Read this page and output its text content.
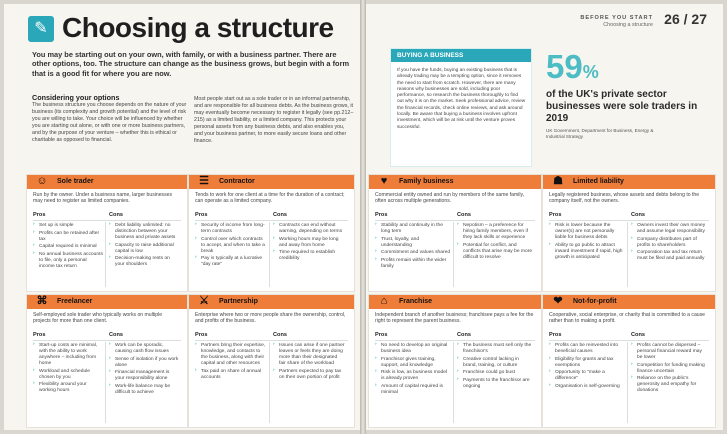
✎ Choosing a structure
You may be starting out on your own, with family, or with a business partner. There are other options, too. The structure can change as the business grows, but begin with a form that is a good fit for where you are now.
Considering your options
The business structure you choose depends on the nature of your business (its complexity and growth potential) and the level of risk you are willing to take. Your choice will be influenced by whether you are starting out alone, or with one or more business partners, and by the purpose of your venture – whether this is ethical or charitable as opposed to financial.
Most people start out as a sole trader or in an informal partnership, and are responsible for all business debts. As the business grows, it may eventually become necessary to register it legally (see pp.212–215) as a limited liability, or a limited company. This protects your personal assets from any business debts, and also enables you, and your business partner, to more easily secure loans and other finance.
BEFORE YOU START
Choosing a structure 26 / 27
BUYING A BUSINESS
If you have the funds, buying an existing business that is already trading may be a tempting option, since it removes the need to start from scratch. However, there are many reasons why businesses are sold, including poor performance, so research the business thoroughly to find out why it is on the market. Seek professional advice, review the financial records, check online reviews, and ask around locally. Be aware that buying a business involves upfront investment, which will be at risk until the venture proves successful.
59%
of the UK's private sector businesses were sole traders in 2019
UK Government, Department for Business, Energy & Industrial Strategy
☺	Sole trader
Run by the owner. Under a business name, larger businesses may need to register as limited companies.
Pros	Cons
› Set up is simple
› Profits can be retained after tax
› Capital required is minimal
› No annual business accounts to file, only a personal income tax return
› Debt liability unlimited: no distinction between your business and private assets
› Capacity to raise additional capital is low
› Decision-making rests on your shoulders
☰	Contractor
Tends to work for one client at a time for the duration of a contract; can operate as a limited company.
Pros	Cons
› Security of income from long-term contracts
› Control over which contracts to accept, and when to take a break
› Pay is typically at a lucrative "day rate"
› Contracts can end without warning, depending on terms
› Working hours may be long and away from home
› Time required to establish credibility
♥	Family business
Commercial entity owned and run by members of the same family, often across multiple generations.
Pros	Cons
› Stability and continuity in the long term
› Trust, loyalty, and understanding
› Commitment and values shared
› Profits remain within the wider family
› Nepotism – a preference for hiring family members, even if they lack skills or experience
› Potential for conflict, and conflicts that arise may be more difficult to resolve
☗	Limited liability
Legally registered business, whose assets and debts belong to the company itself, not the owners.
Pros	Cons
› Risk is lower because the owner(s) are not personally liable for business debts
› Ability to go public to attract inward investment if rapid, high growth is anticipated
› Owners invest their own money and assume legal responsibility
› Company distributes part of profits to shareholders
› Corporation tax and tax return must be filed and paid annually
⌘	Freelancer
Self-employed sole trader who typically works on multiple projects for more than one client.
Pros	Cons
› Start-up costs are minimal, with the ability to work anywhere – including from home
› Workload and schedule chosen by you
› Flexibility around your working hours
› Work can be sporadic, causing cash flow issues
› Sense of isolation if you work alone
› Financial management is your responsibility alone
› Work-life balance may be difficult to achieve
⚔	Partnership
Enterprise where two or more people share the ownership, control, and profits of the business.
Pros	Cons
› Partners bring their expertise, knowledge, and contacts to the business, along with their capital and other resources
› Tax paid on share of annual accounts
› Issues can arise if one partner leaves or feels they are doing more than their designated fair share of the workload
› Partners expected to pay tax on their own portion of profit
⌂	Franchise
Independent branch of another business; franchisee pays a fee for the right to represent the parent business.
Pros	Cons
› No need to develop an original business idea
› Franchisor gives training, support, and knowledge
› Risk is low, as business model is already proven
› Amount of capital required is minimal
› The business must sell only the franchisor's
› Creative control lacking in brand, training, or culture
› Franchise could go bust
› Payments to the franchisor are ongoing
❤	Not-for-profit
Cooperative, social enterprise, or charity that is committed to a cause rather than to making a profit.
Pros	Cons
› Profits can be reinvested into beneficial causes
› Eligibility for grants and tax exemptions
› Opportunity to "make a difference"
› Organisation is self-governing
› Profits cannot be dispersed – personal financial reward may be lower
› Competition for funding making finance uncertain
› Reliance on the public's generosity and empathy for donations
